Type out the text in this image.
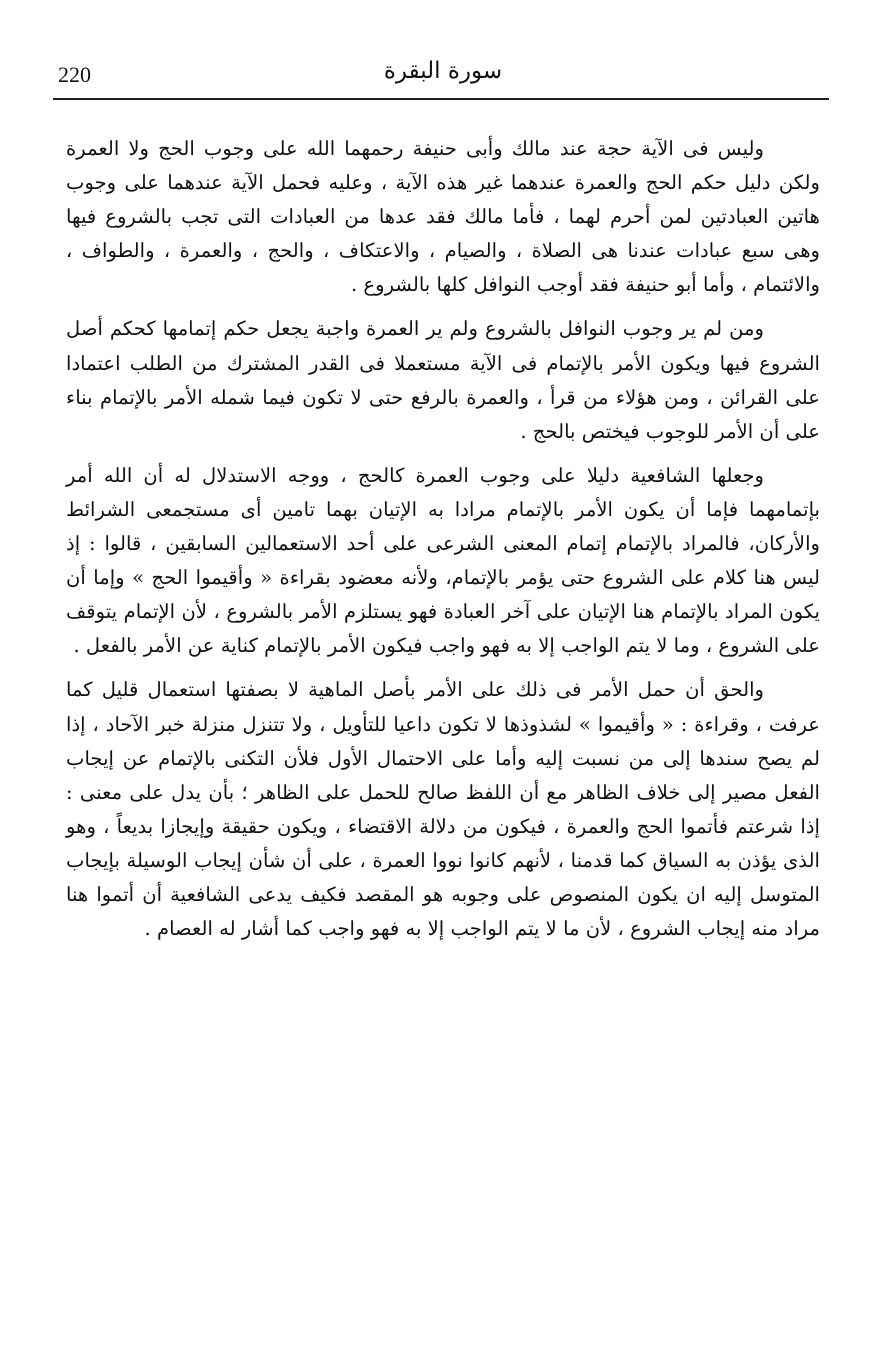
220	سورة البقرة

وليس فى الآية حجة عند مالك وأبى حنيفة رحمهما الله على وجوب الحج ولا العمرة ولكن دليل حكم الحج والعمرة عندهما غير هذه الآية ، وعليه فحمل الآية عندهما على وجوب هاتين العبادتين لمن أحرم لهما ، فأما مالك فقد عدها من العبادات التى تجب بالشروع فيها وهى سبع عبادات عندنا هى الصلاة ، والصيام ، والاعتكاف ، والحج ، والعمرة ، والطواف ، والائتمام ، وأما أبو حنيفة فقد أوجب النوافل كلها بالشروع .

ومن لم ير وجوب النوافل بالشروع ولم ير العمرة واجبة يجعل حكم إتمامها كحكم أصل الشروع فيها ويكون الأمر بالإتمام فى الآية مستعملا فى القدر المشترك من الطلب اعتمادا على القرائن ، ومن هؤلاء من قرأ ، والعمرة بالرفع حتى لا تكون فيما شمله الأمر بالإتمام بناء على أن الأمر للوجوب فيختص بالحج .

وجعلها الشافعية دليلا على وجوب العمرة كالحج ، ووجه الاستدلال له أن الله أمر بإتمامهما فإما أن يكون الأمر بالإتمام مرادا به الإتيان بهما تامين أى مستجمعى الشرائط والأركان، فالمراد بالإتمام إتمام المعنى الشرعى على أحد الاستعمالين السابقين ، قالوا : إذ ليس هنا كلام على الشروع حتى يؤمر بالإتمام، ولأنه معضود بقراءة « وأقيموا الحج » وإما أن يكون المراد بالإتمام هنا الإتيان على آخر العبادة فهو يستلزم الأمر بالشروع ، لأن الإتمام يتوقف على الشروع ، وما لا يتم الواجب إلا به فهو واجب فيكون الأمر بالإتمام كناية عن الأمر بالفعل .

والحق أن حمل الأمر فى ذلك على الأمر بأصل الماهية لا بصفتها استعمال قليل كما عرفت ، وقراءة : « وأقيموا » لشذوذها لا تكون داعيا للتأويل ، ولا تتنزل منزلة خبر الآحاد ، إذا لم يصح سندها إلى من نسبت إليه وأما على الاحتمال الأول فلأن التكنى بالإتمام عن إيجاب الفعل مصير إلى خلاف الظاهر مع أن اللفظ صالح للحمل على الظاهر ؛ بأن يدل على معنى : إذا شرعتم فأتموا الحج والعمرة ، فيكون من دلالة الاقتضاء ، ويكون حقيقة وإيجازا بديعاً ، وهو الذى يؤذن به السياق كما قدمنا ، لأنهم كانوا نووا العمرة ، على أن شأن إيجاب الوسيلة بإيجاب المتوسل إليه ان يكون المنصوص على وجوبه هو المقصد فكيف يدعى الشافعية أن أتموا هنا مراد منه إيجاب الشروع ، لأن ما لا يتم الواجب إلا به فهو واجب كما أشار له العصام .
